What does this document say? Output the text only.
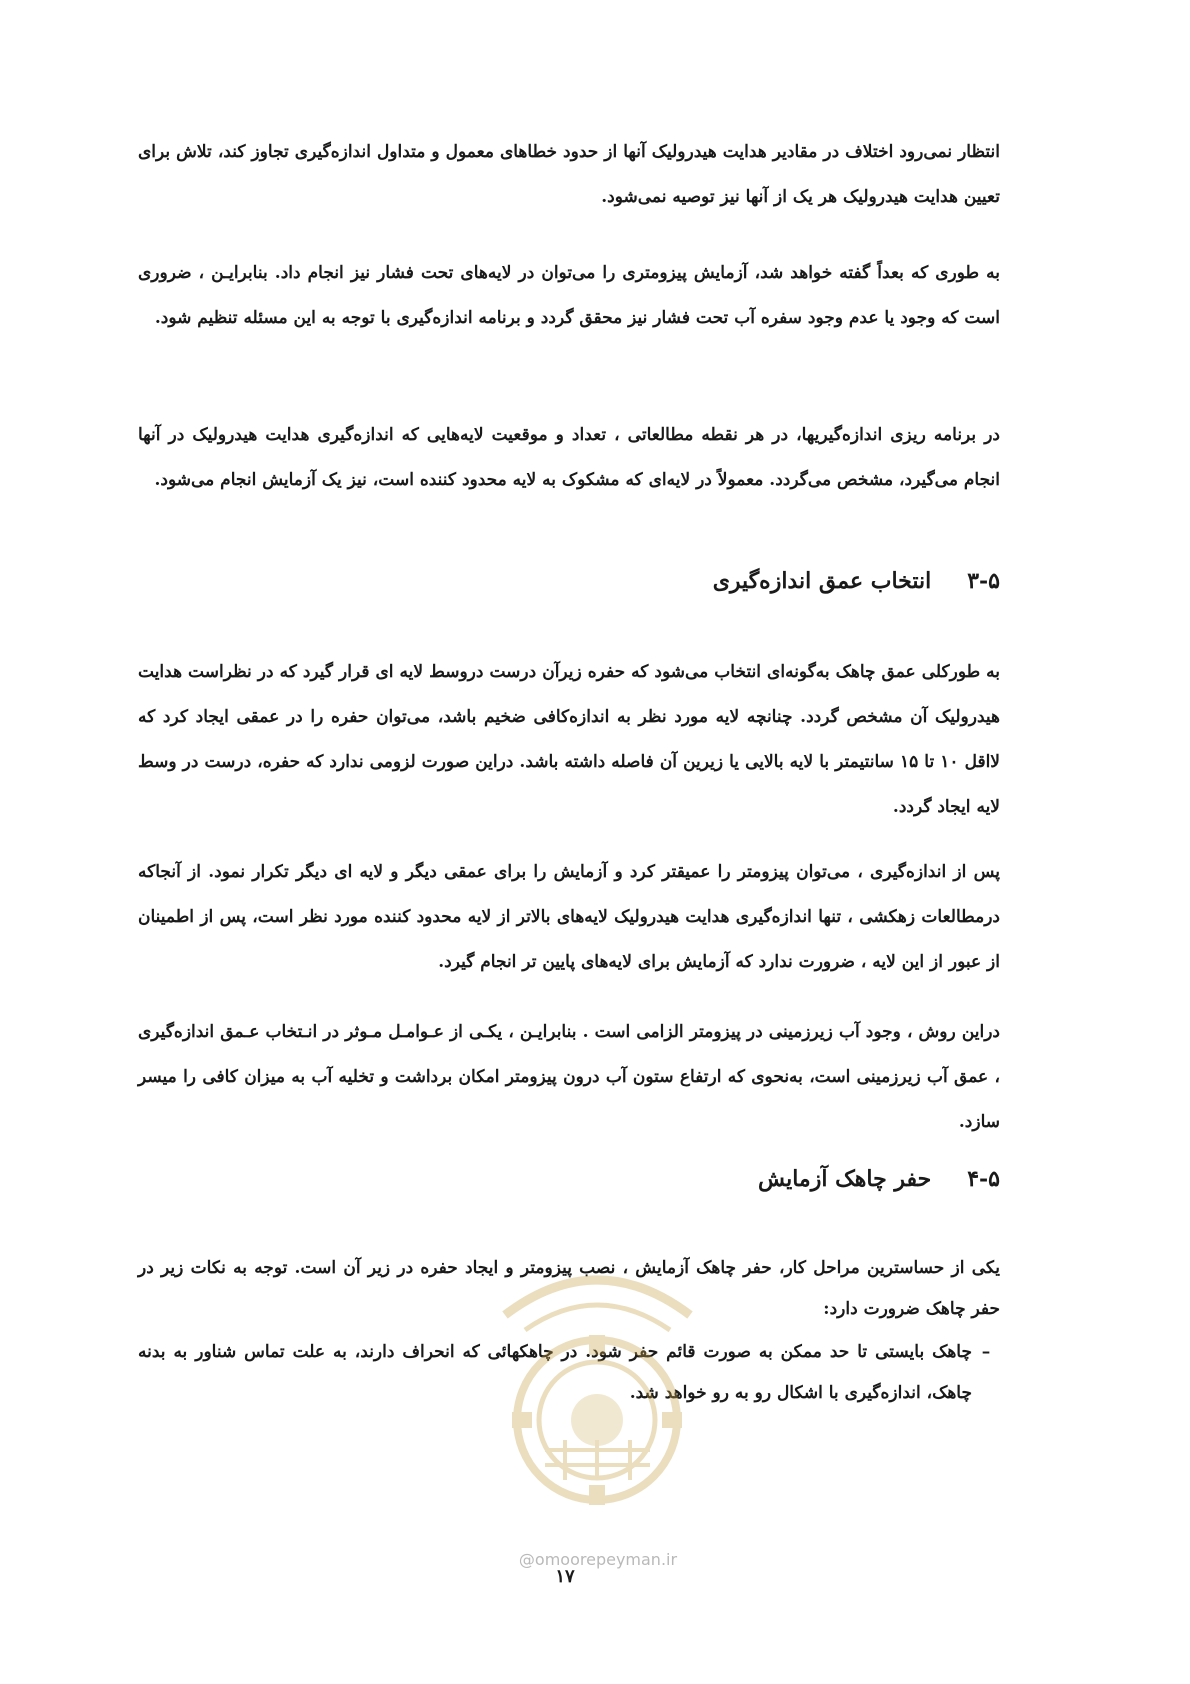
انتظار نمی‌رود اختلاف در مقادیر هدایت هیدرولیک آنها از حدود خطاهای معمول و متداول اندازه‌گیری تجاوز کند، تلاش برای تعیین هدایت هیدرولیک هر یک از آنها نیز توصیه نمی‌شود.

به طوری که بعداً گفته خواهد شد، آزمایش پیزومتری را می‌توان در لایه‌های تحت فشار نیز انجام داد. بنابرایـن ، ضروری است که وجود یا عدم وجود سفره آب تحت فشار نیز محقق گردد و برنامه اندازه‌گیری با توجه به این مسئله تنظیم شود.

در برنامه ریزی اندازه‌گیریها، در هر نقطه مطالعاتی ، تعداد و موقعیت لایه‌هایی که اندازه‌گیری هدایت هیدرولیک در آنها انجام می‌گیرد، مشخص می‌گردد. معمولاً در لایه‌ای که مشکوک به لایه محدود کننده است، نیز یک آزمایش انجام می‌شود.

۳-۵
انتخاب عمق اندازه‌گیری

به طورکلی عمق چاهک به‌گونه‌ای انتخاب می‌شود که حفره زیرآن درست دروسط لایه ای قرار گیرد که در نظراست هدایت هیدرولیک آن مشخص گردد. چنانچه لایه مورد نظر به اندازه‌کافی ضخیم باشد، می‌توان حفره را در عمقی ایجاد کرد که لااقل ۱۰ تا ۱۵ سانتیمتر با لایه بالایی یا زیرین آن فاصله داشته باشد. دراین صورت لزومی ندارد که حفره، درست در وسط لایه ایجاد گردد.

پس از اندازه‌گیری ، می‌توان پیزومتر را عمیقتر کرد و آزمایش را برای عمقی دیگر و لایه ای دیگر تکرار نمود. از آنجاکه درمطالعات زهکشی ، تنها اندازه‌گیری هدایت هیدرولیک لایه‌های بالاتر از لایه محدود کننده مورد نظر است، پس از اطمینان از عبور از این لایه ، ضرورت ندارد که آزمایش برای لایه‌های پایین تر انجام گیرد.

دراین روش ، وجود آب زیرزمینی در پیزومتر الزامی است . بنابرایـن ، یکـی از عـوامـل مـوثر در انـتخاب عـمق اندازه‌گیری ، عمق آب زیرزمینی است، به‌نحوی که ارتفاع ستون آب درون پیزومتر امکان برداشت و تخلیه آب به میزان کافی را میسر سازد.

۴-۵
حفر چاهک آزمایش

یکی از حساسترین مراحل کار، حفر چاهک آزمایش ، نصب پیزومتر و ایجاد حفره در زیر آن است. توجه به نکات زیر در حفر چاهک ضرورت دارد:

–
چاهک بایستی تا حد ممکن به صورت قائم حفر شود. در چاهکهائی که انحراف دارند، به علت تماس شناور به بدنه چاهک، اندازه‌گیری با اشکال رو به رو خواهد شد.
@omoorepeyman.ir
۱۷
